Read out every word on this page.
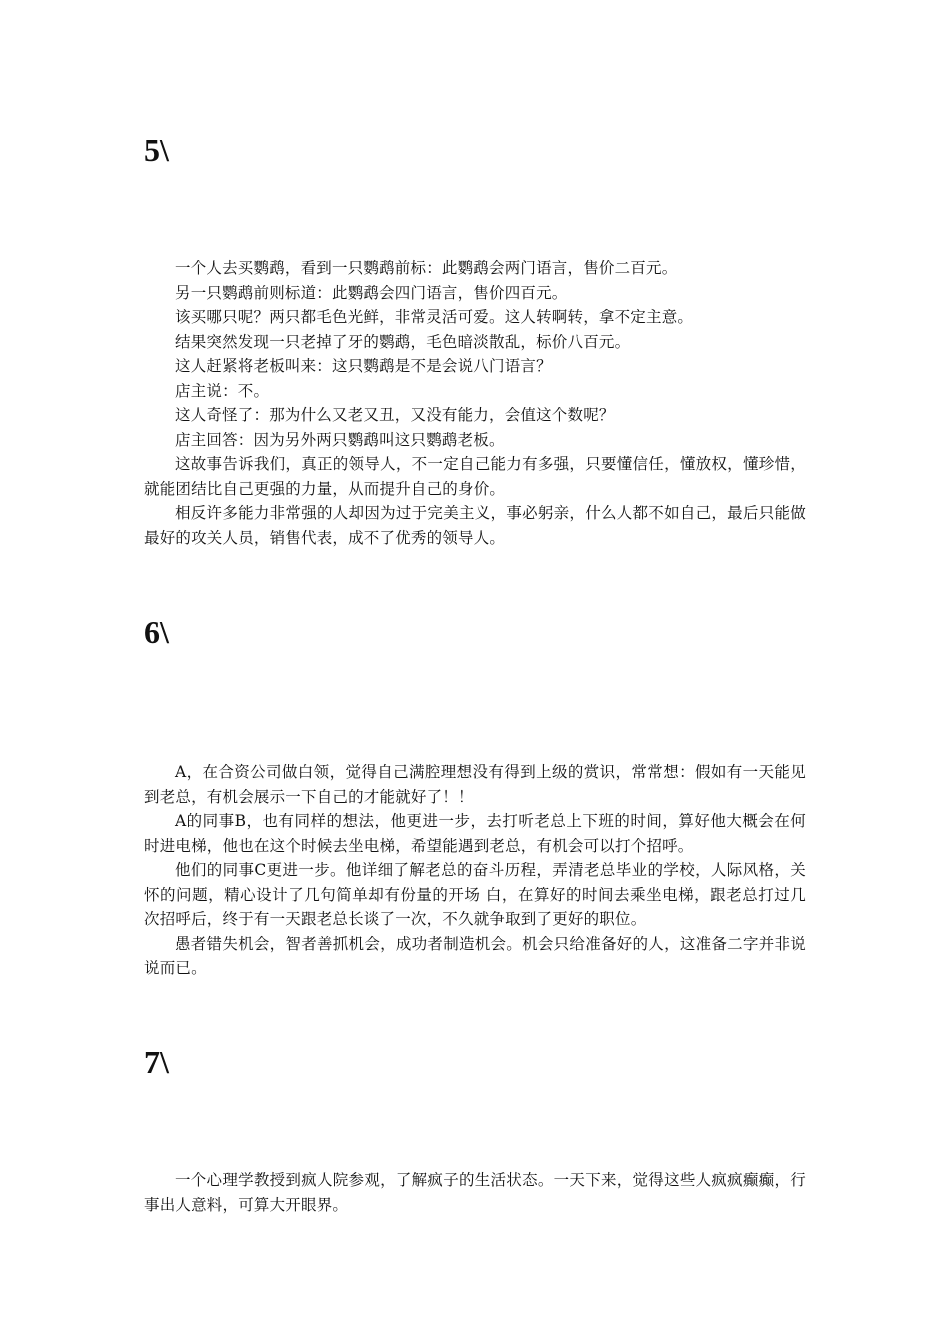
5\

一个人去买鹦鹉，看到一只鹦鹉前标：此鹦鹉会两门语言，售价二百元。

另一只鹦鹉前则标道：此鹦鹉会四门语言，售价四百元。

该买哪只呢？两只都毛色光鲜，非常灵活可爱。这人转啊转，拿不定主意。

结果突然发现一只老掉了牙的鹦鹉，毛色暗淡散乱，标价八百元。

这人赶紧将老板叫来：这只鹦鹉是不是会说八门语言？

店主说：不。

这人奇怪了：那为什么又老又丑，又没有能力，会值这个数呢？

店主回答：因为另外两只鹦鹉叫这只鹦鹉老板。

这故事告诉我们，真正的领导人，不一定自己能力有多强，只要懂信任，懂放权，懂珍惜，就能团结比自己更强的力量，从而提升自己的身价。

相反许多能力非常强的人却因为过于完美主义，事必躬亲，什么人都不如自己，最后只能做最好的攻关人员，销售代表，成不了优秀的领导人。

6\

A，在合资公司做白领，觉得自己满腔理想没有得到上级的赏识，常常想：假如有一天能见到老总，有机会展示一下自己的才能就好了！！

A的同事B，也有同样的想法，他更进一步，去打听老总上下班的时间，算好他大概会在何时进电梯，他也在这个时候去坐电梯，希望能遇到老总，有机会可以打个招呼。

他们的同事C更进一步。他详细了解老总的奋斗历程，弄清老总毕业的学校，人际风格，关怀的问题，精心设计了几句简单却有份量的开场 白，在算好的时间去乘坐电梯，跟老总打过几次招呼后，终于有一天跟老总长谈了一次，不久就争取到了更好的职位。

愚者错失机会，智者善抓机会，成功者制造机会。机会只给准备好的人，这准备二字并非说说而已。

7\

一个心理学教授到疯人院参观，了解疯子的生活状态。一天下来，觉得这些人疯疯癫癫，行事出人意料，可算大开眼界。
